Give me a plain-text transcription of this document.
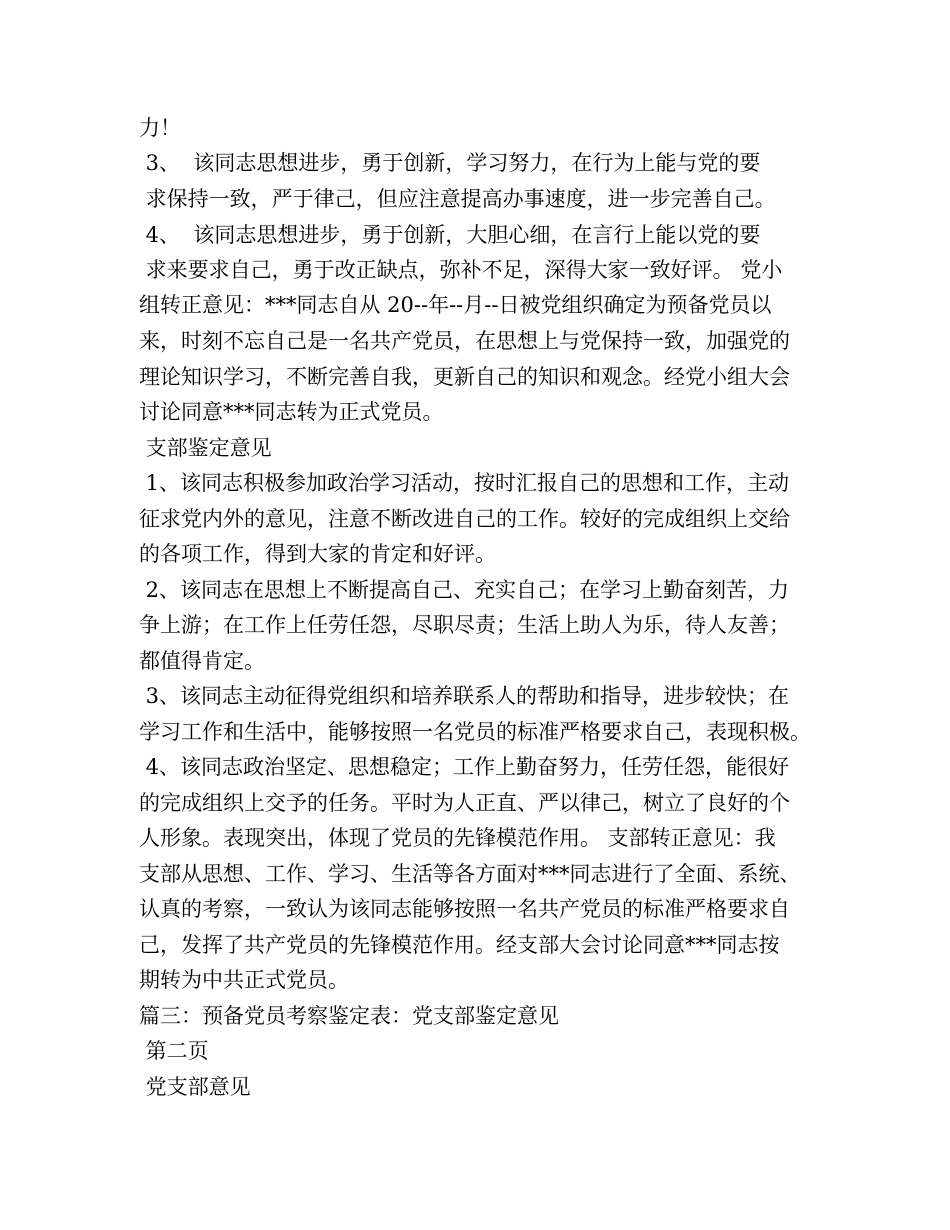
力！
3、  该同志思想进步，勇于创新，学习努力，在行为上能与党的要
求保持一致，严于律己，但应注意提高办事速度，进一步完善自己。
4、  该同志思想进步，勇于创新，大胆心细，在言行上能以党的要
求来要求自己，勇于改正缺点，弥补不足，深得大家一致好评。 党小
组转正意见：***同志自从 20--年--月--日被党组织确定为预备党员以
来，时刻不忘自己是一名共产党员，在思想上与党保持一致，加强党的
理论知识学习，不断完善自我，更新自己的知识和观念。经党小组大会
讨论同意***同志转为正式党员。
支部鉴定意见
1、该同志积极参加政治学习活动，按时汇报自己的思想和工作，主动
征求党内外的意见，注意不断改进自己的工作。较好的完成组织上交给
的各项工作，得到大家的肯定和好评。
2、该同志在思想上不断提高自己、充实自己；在学习上勤奋刻苦，力
争上游；在工作上任劳任怨，尽职尽责；生活上助人为乐，待人友善；
都值得肯定。
3、该同志主动征得党组织和培养联系人的帮助和指导，进步较快；在
学习工作和生活中，能够按照一名党员的标准严格要求自己，表现积极。
4、该同志政治坚定、思想稳定；工作上勤奋努力，任劳任怨，能很好
的完成组织上交予的任务。平时为人正直、严以律己，树立了良好的个
人形象。表现突出，体现了党员的先锋模范作用。 支部转正意见：我
支部从思想、工作、学习、生活等各方面对***同志进行了全面、系统、
认真的考察，一致认为该同志能够按照一名共产党员的标准严格要求自
己，发挥了共产党员的先锋模范作用。经支部大会讨论同意***同志按
期转为中共正式党员。
篇三：预备党员考察鉴定表：党支部鉴定意见
第二页
党支部意见
